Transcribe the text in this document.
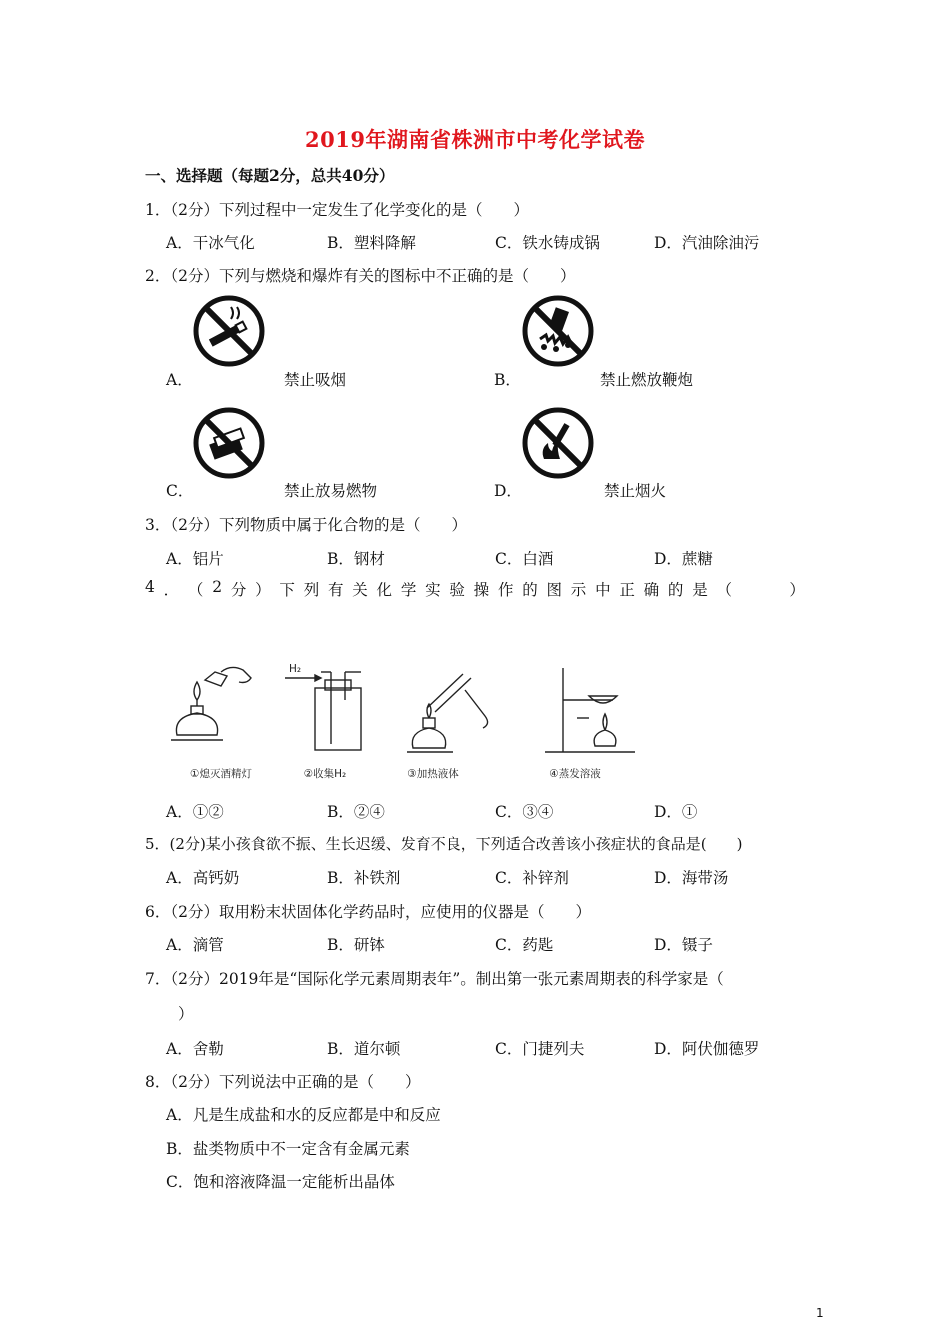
2019年湖南省株洲市中考化学试卷
一、选择题（每题2分，总共40分）
1．（2分）下列过程中一定发生了化学变化的是（　　）
A．干冰气化	B．塑料降解	C．铁水铸成锅	D．汽油除油污
2．（2分）下列与燃烧和爆炸有关的图标中不正确的是（　　）
A．	禁止吸烟	B．	禁止燃放鞭炮
C．	禁止放易燃物	D．	禁止烟火
3．（2分）下列物质中属于化合物的是（　　）
A．铝片	B．钢材	C．白酒	D．蔗糖
4 ． （ 2 分 ） 下 列 有 关 化 学 实 验 操 作 的 图 示 中 正 确 的 是 （

　	）
①熄灭酒精灯	②收集H₂	③加热液体	④蒸发溶液
H₂
A．①②	B．②④	C．③④	D．①
5．(2分)某小孩食欲不振、生长迟缓、发育不良，下列适合改善该小孩症状的食品是(　　)
A．高钙奶	B．补铁剂	C．补锌剂	D．海带汤
6．（2分）取用粉末状固体化学药品时，应使用的仪器是（　　）
A．滴管	B．研钵	C．药匙	D．镊子
7．（2分）2019年是“国际化学元素周期表年”。制出第一张元素周期表的科学家是（
）
A．舍勒	B．道尔顿	C．门捷列夫	D．阿伏伽德罗
8．（2分）下列说法中正确的是（　　）
A．凡是生成盐和水的反应都是中和反应
B．盐类物质中不一定含有金属元素
C．饱和溶液降温一定能析出晶体
1
